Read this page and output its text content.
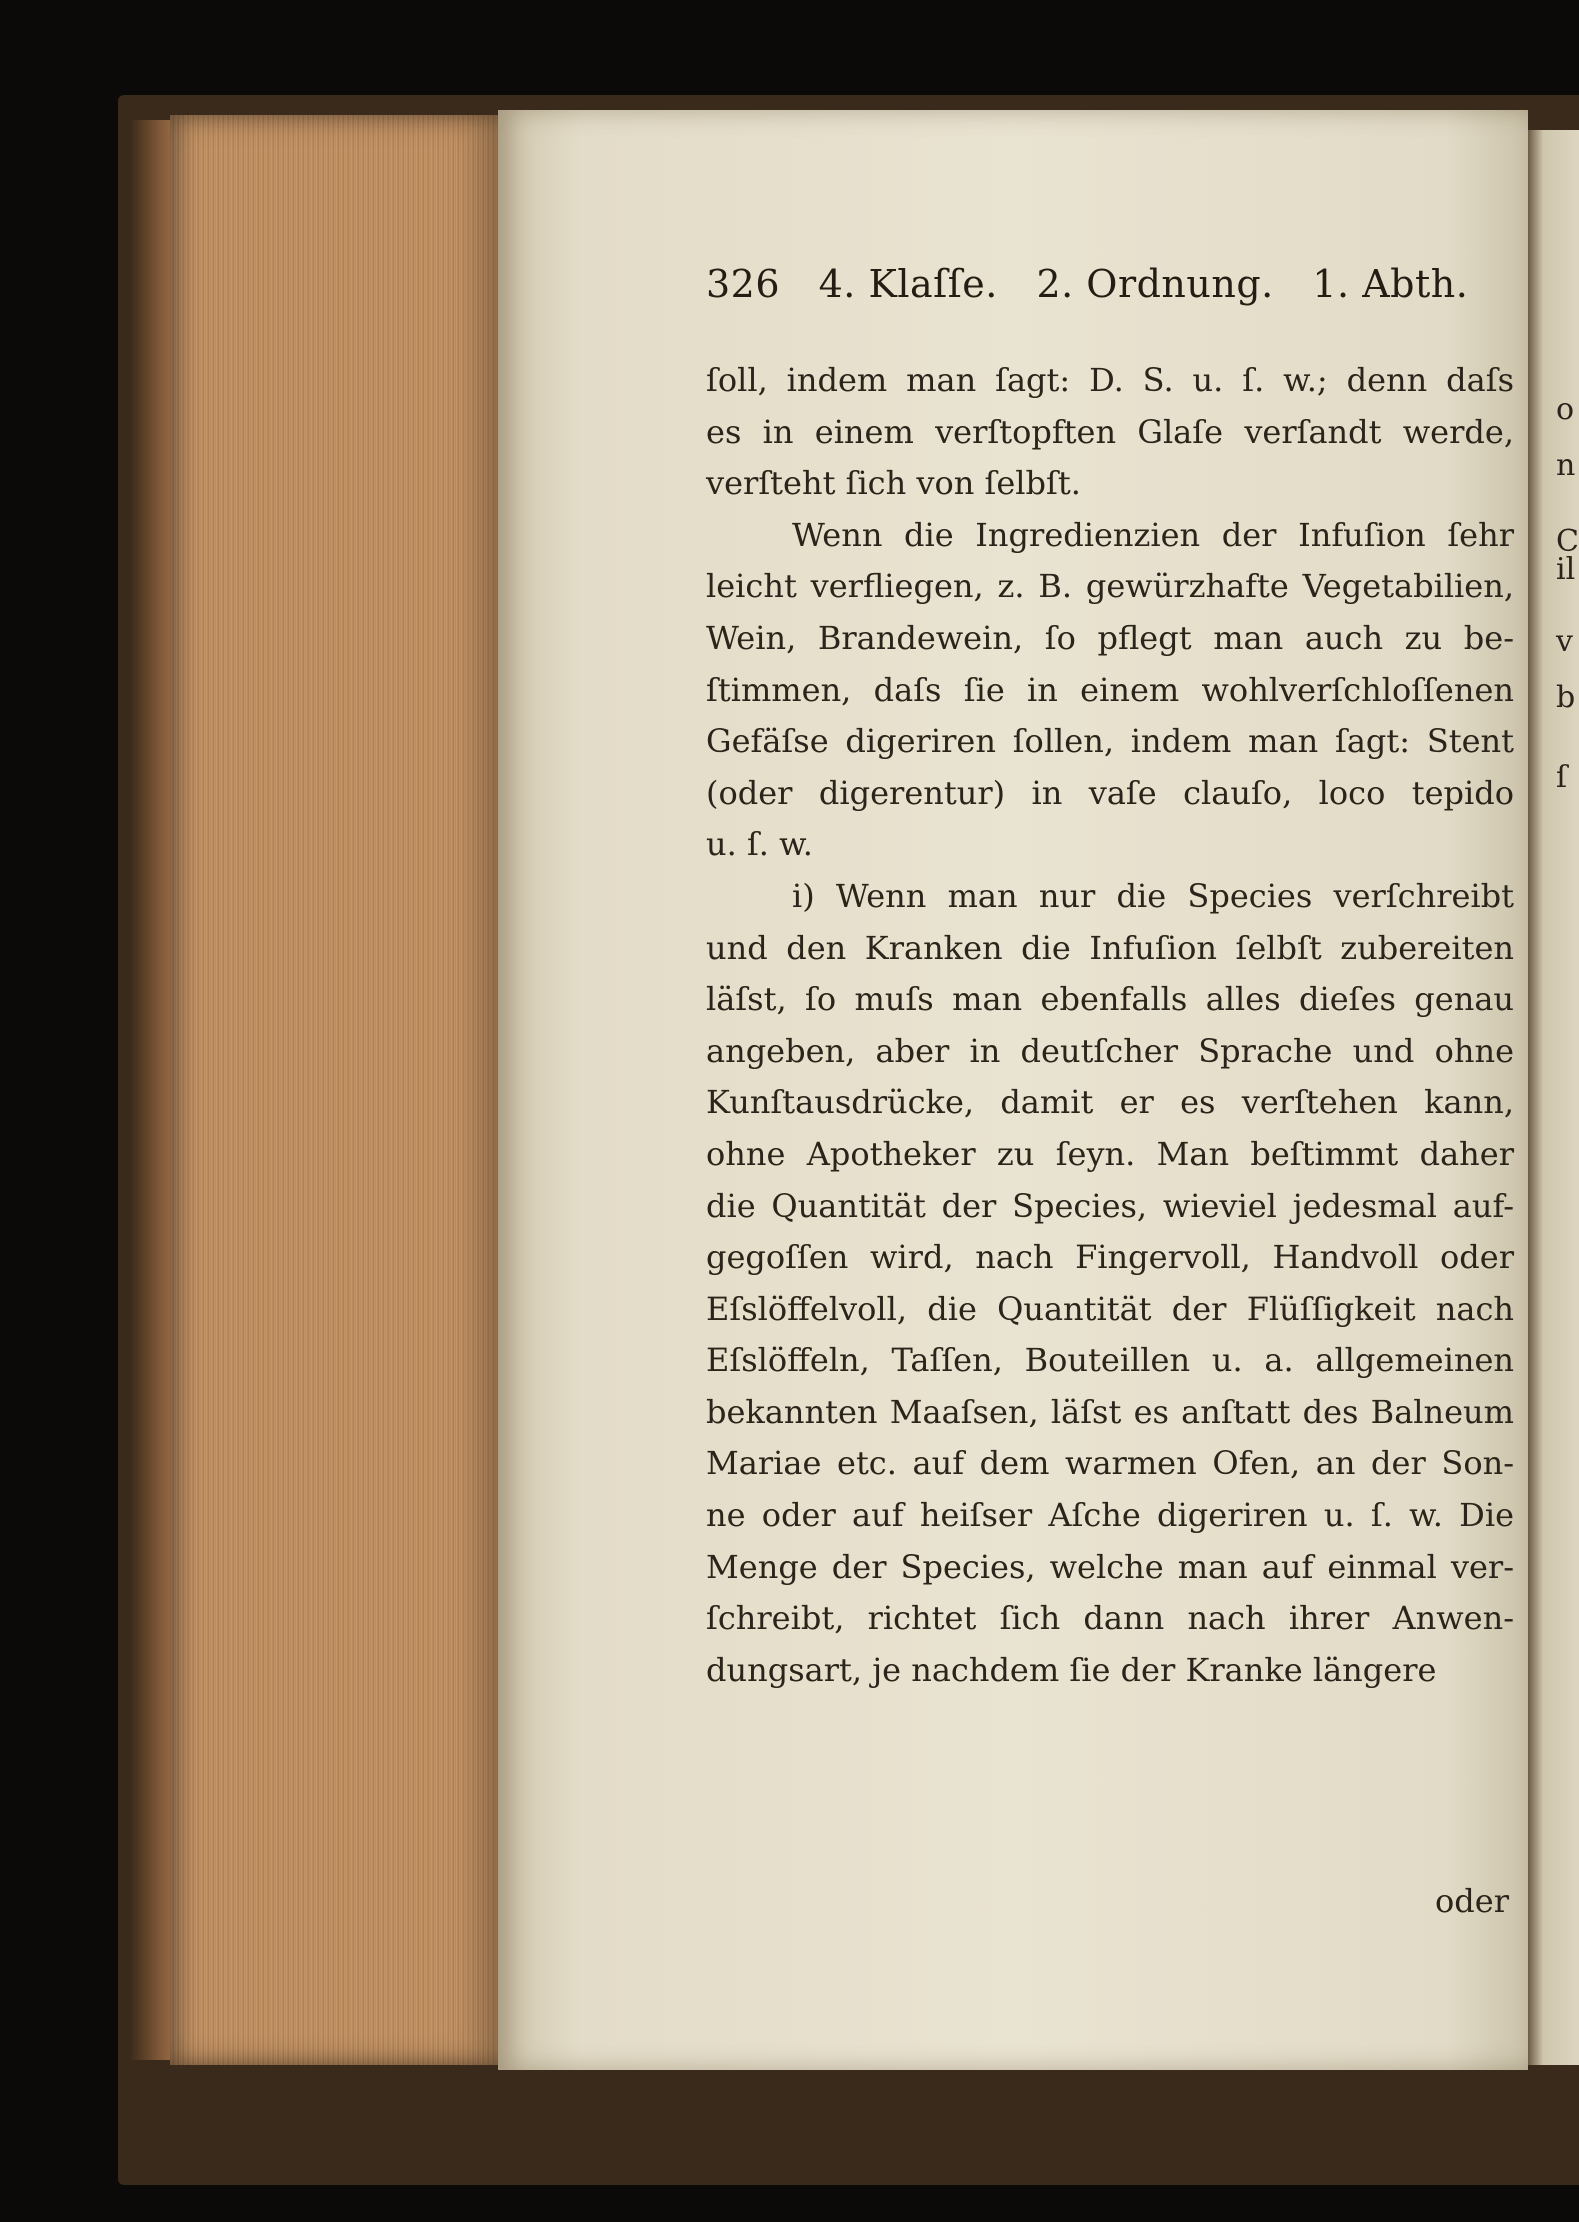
326 4. Klaſſe. 2. Ordnung. 1. Abth.

ſoll, indem man ſagt: D. S. u. ſ. w.; denn daſs

es in einem verſtopften Glaſe verſandt werde,

verſteht ſich von ſelbſt.

Wenn die Ingredienzien der Infuſion ſehr

leicht verfliegen, z. B. gewürzhafte Vegetabilien,

Wein, Brandewein, ſo pflegt man auch zu be-

ſtimmen, daſs ſie in einem wohlverſchloſſenen

Gefäſse digeriren ſollen, indem man ſagt: Stent

(oder digerentur) in vaſe clauſo, loco tepido

u. ſ. w.

i) Wenn man nur die Species verſchreibt

und den Kranken die Infuſion ſelbſt zubereiten

läſst, ſo muſs man ebenfalls alles dieſes genau

angeben, aber in deutſcher Sprache und ohne

Kunſtausdrücke, damit er es verſtehen kann,

ohne Apotheker zu ſeyn. Man beſtimmt daher

die Quantität der Species, wieviel jedesmal auf-

gegoſſen wird, nach Fingervoll, Handvoll oder

Eſslöffelvoll, die Quantität der Flüſſigkeit nach

Eſslöffeln, Taſſen, Bouteillen u. a. allgemeinen

bekannten Maaſsen, läſst es anſtatt des Balneum

Mariae etc. auf dem warmen Ofen, an der Son-

ne oder auf heiſser Aſche digeriren u. ſ. w. Die

Menge der Species, welche man auf einmal ver-

ſchreibt, richtet ſich dann nach ihrer Anwen-

dungsart, je nachdem ſie der Kranke längere

oder
o
n
C
il
v
b
ſ
